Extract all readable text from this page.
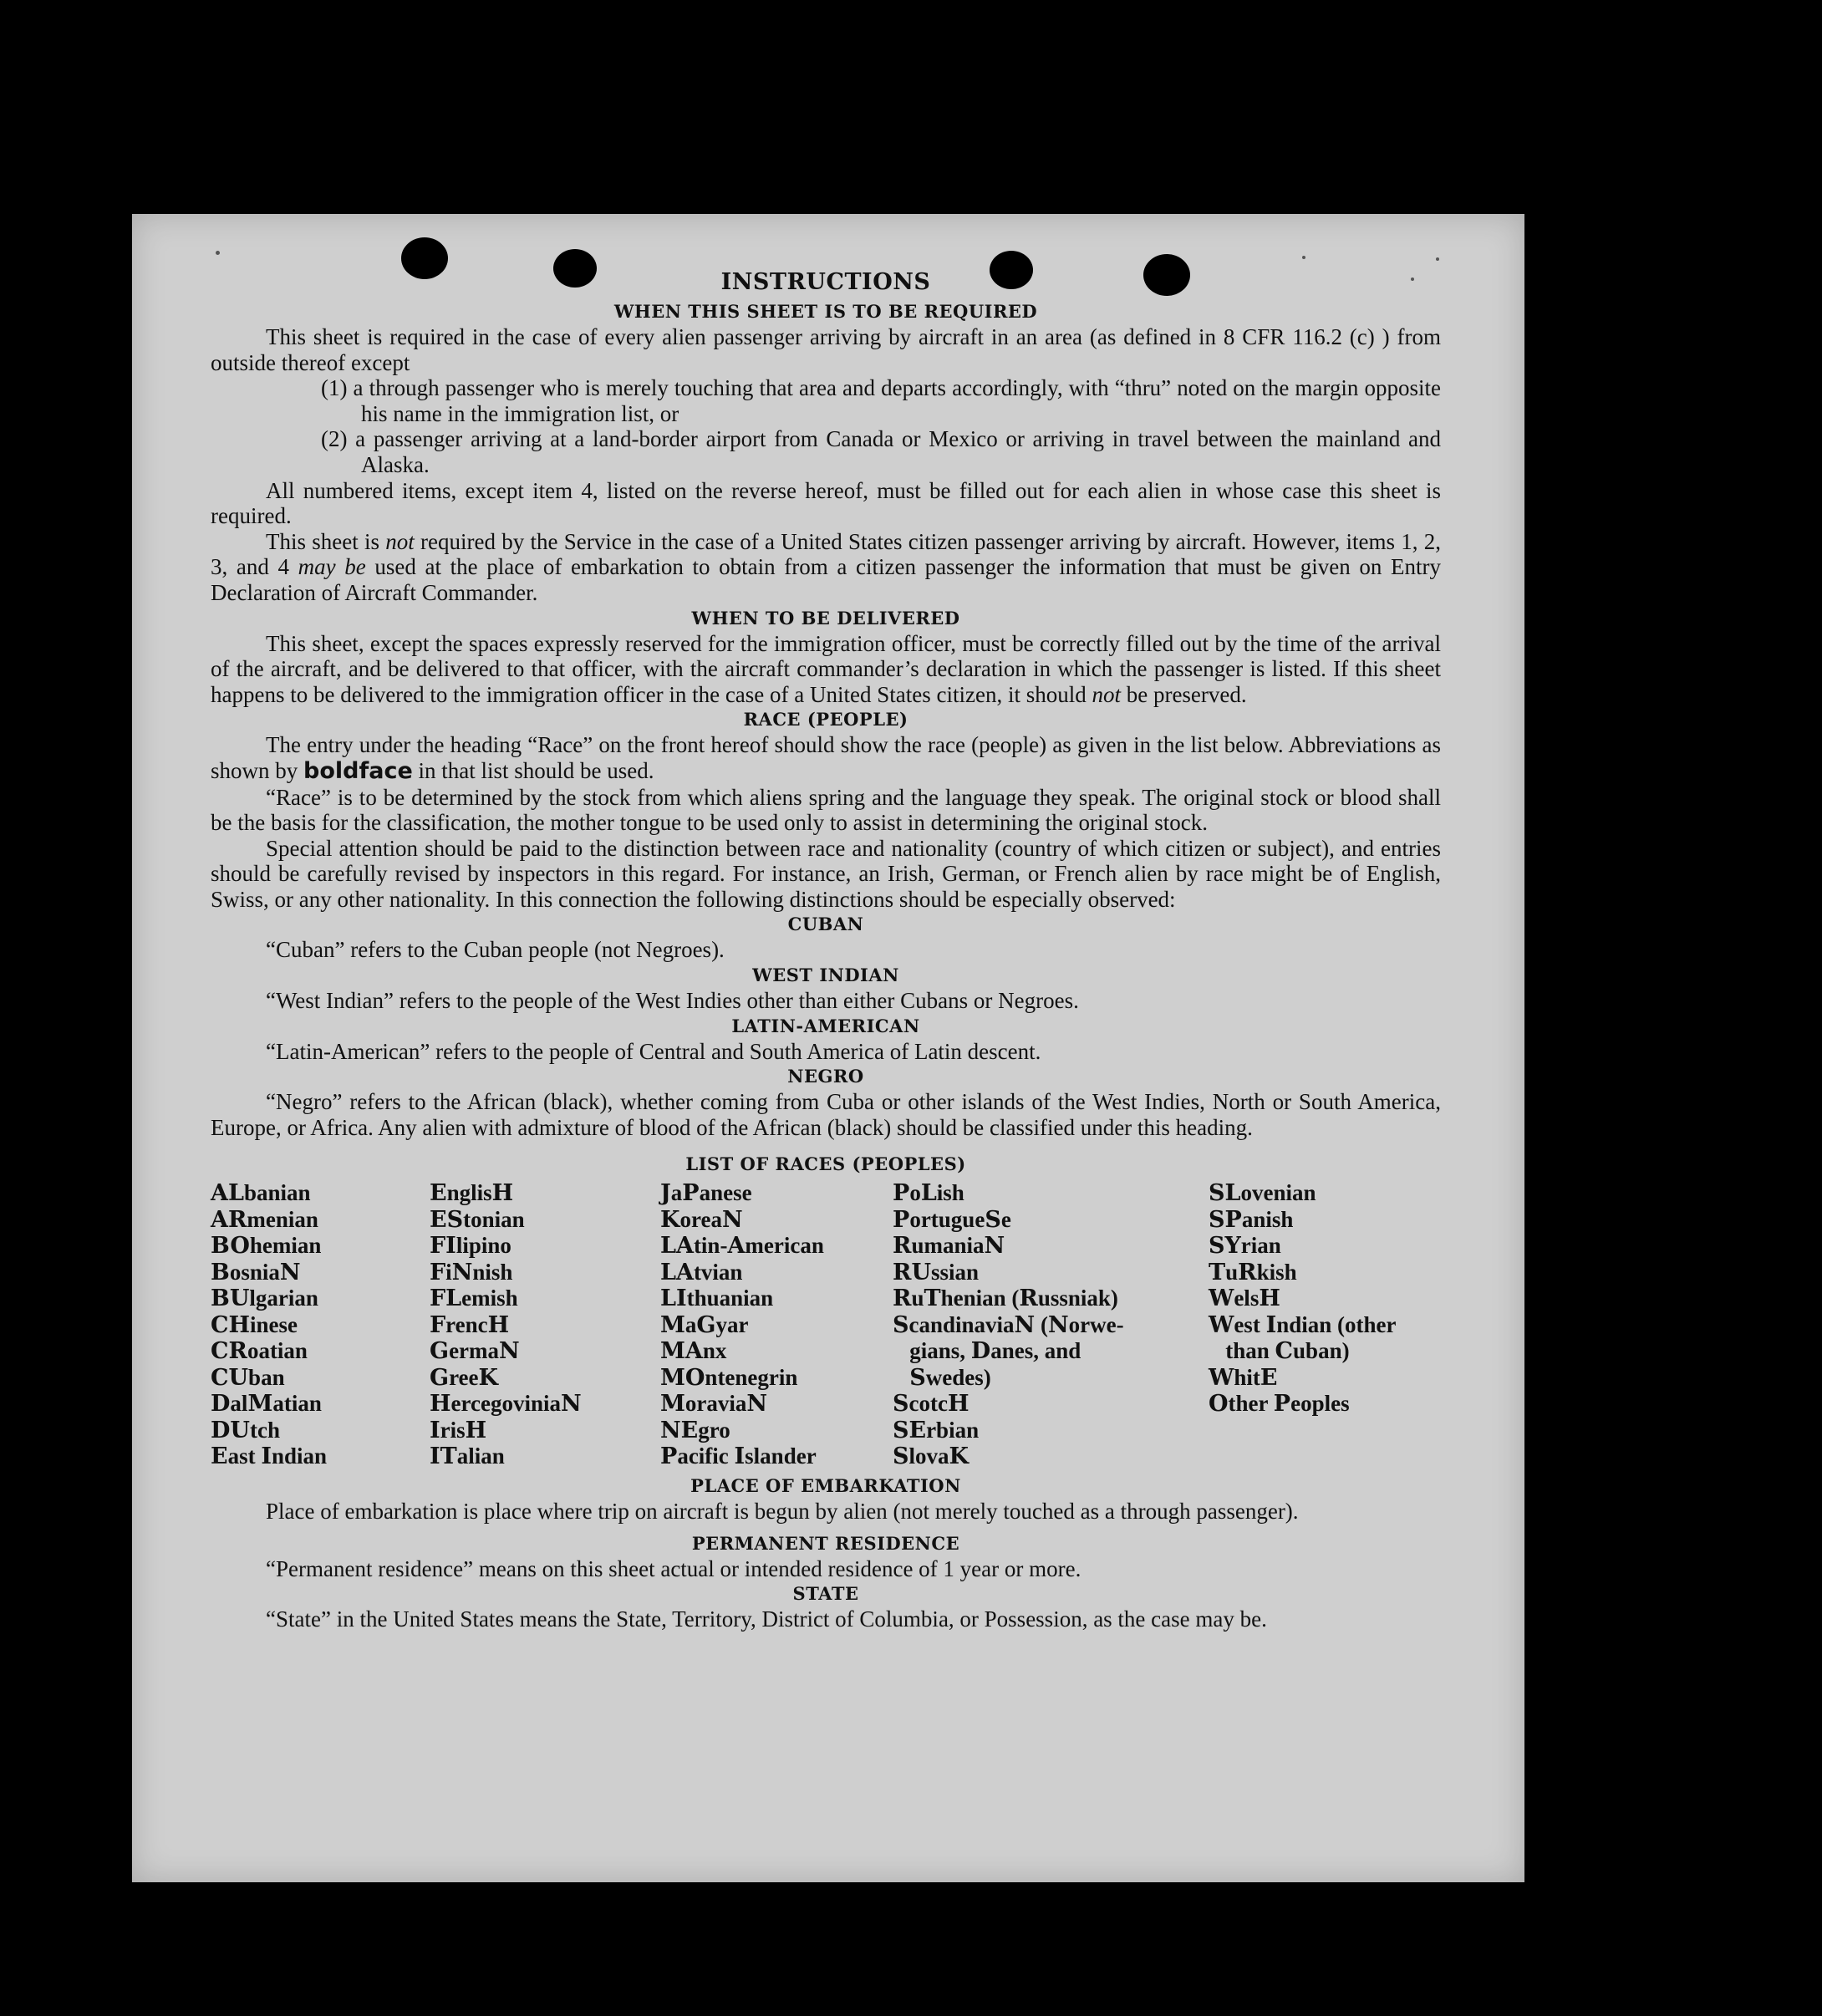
INSTRUCTIONS
WHEN THIS SHEET IS TO BE REQUIRED
This sheet is required in the case of every alien passenger arriving by aircraft in an area (as defined in 8 CFR 116.2 (c) ) from outside thereof except
(1) a through passenger who is merely touching that area and departs accordingly, with “thru” noted on the margin opposite his name in the immigration list, or
(2) a passenger arriving at a land-border airport from Canada or Mexico or arriving in travel between the mainland and Alaska.
All numbered items, except item 4, listed on the reverse hereof, must be filled out for each alien in whose case this sheet is required.
This sheet is not required by the Service in the case of a United States citizen passenger arriving by aircraft. However, items 1, 2, 3, and 4 may be used at the place of embarkation to obtain from a citizen passenger the information that must be given on Entry Declaration of Aircraft Commander.
WHEN TO BE DELIVERED
This sheet, except the spaces expressly reserved for the immigration officer, must be correctly filled out by the time of the arrival of the aircraft, and be delivered to that officer, with the aircraft commander’s declaration in which the passenger is listed. If this sheet happens to be delivered to the immigration officer in the case of a United States citizen, it should not be preserved.
RACE (PEOPLE)
The entry under the heading “Race” on the front hereof should show the race (people) as given in the list below. Abbreviations as shown by boldface in that list should be used.
“Race” is to be determined by the stock from which aliens spring and the language they speak. The original stock or blood shall be the basis for the classification, the mother tongue to be used only to assist in determining the original stock.
Special attention should be paid to the distinction between race and nationality (country of which citizen or subject), and entries should be carefully revised by inspectors in this regard. For instance, an Irish, German, or French alien by race might be of English, Swiss, or any other nationality. In this connection the following distinctions should be especially observed:
CUBAN
“Cuban” refers to the Cuban people (not Negroes).
WEST INDIAN
“West Indian” refers to the people of the West Indies other than either Cubans or Negroes.
LATIN-AMERICAN
“Latin-American” refers to the people of Central and South America of Latin descent.
NEGRO
“Negro” refers to the African (black), whether coming from Cuba or other islands of the West Indies, North or South America, Europe, or Africa. Any alien with admixture of blood of the African (black) should be classified under this heading.
LIST OF RACES (PEOPLES)
ALbanian
ARmenian
BOhemian
BosniaN
BUlgarian
CHinese
CRoatian
CUban
DalMatian
DUtch
East Indian
EnglisH
EStonian
FIlipino
FiNnish
FLemish
FrencH
GermaN
GreeK
HercegoviniaN
IrisH
ITalian
JaPanese
KoreaN
LAtin-American
LAtvian
LIthuanian
MaGyar
MAnx
MOntenegrin
MoraviaN
NEgro
Pacific Islander
PoLish
PortugueSe
RumaniaN
RUssian
RuThenian (Russniak)
ScandinaviaN (Norwe-
gians, Danes, and
Swedes)
ScotcH
SErbian
SlovaK
SLovenian
SPanish
SYrian
TuRkish
WelsH
West Indian (other
than Cuban)
WhitE
Other Peoples
PLACE OF EMBARKATION
Place of embarkation is place where trip on aircraft is begun by alien (not merely touched as a through passenger).
PERMANENT RESIDENCE
“Permanent residence” means on this sheet actual or intended residence of 1 year or more.
STATE
“State” in the United States means the State, Territory, District of Columbia, or Possession, as the case may be.
